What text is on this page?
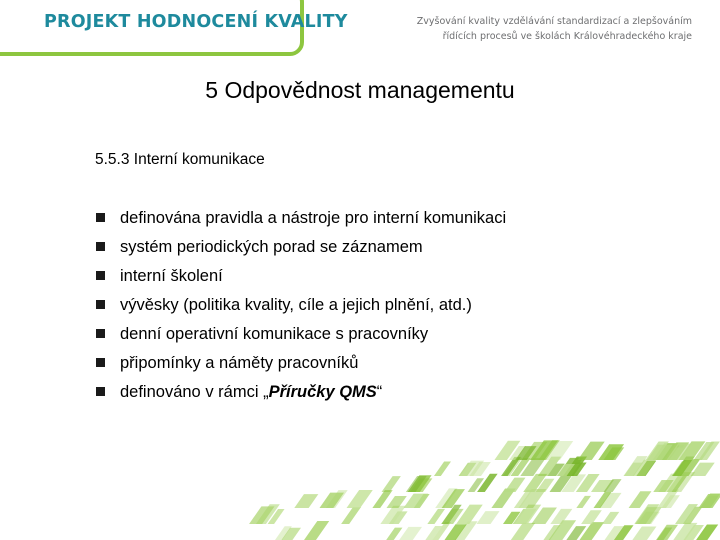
PROJEKT HODNOCENÍ KVALITY	Zvyšování kvality vzdělávání standardizací a zlepšováním
řídících procesů ve školách Královéhradeckého kraje
5 Odpovědnost managementu
5.5.3 Interní komunikace
definována pravidla a nástroje pro interní komunikaci
systém periodických porad se záznamem
interní školení
vývěsky (politika kvality, cíle a jejich plnění, atd.)
denní operativní komunikace s pracovníky
připomínky a náměty pracovníků
definováno v rámci „Příručky QMS“
